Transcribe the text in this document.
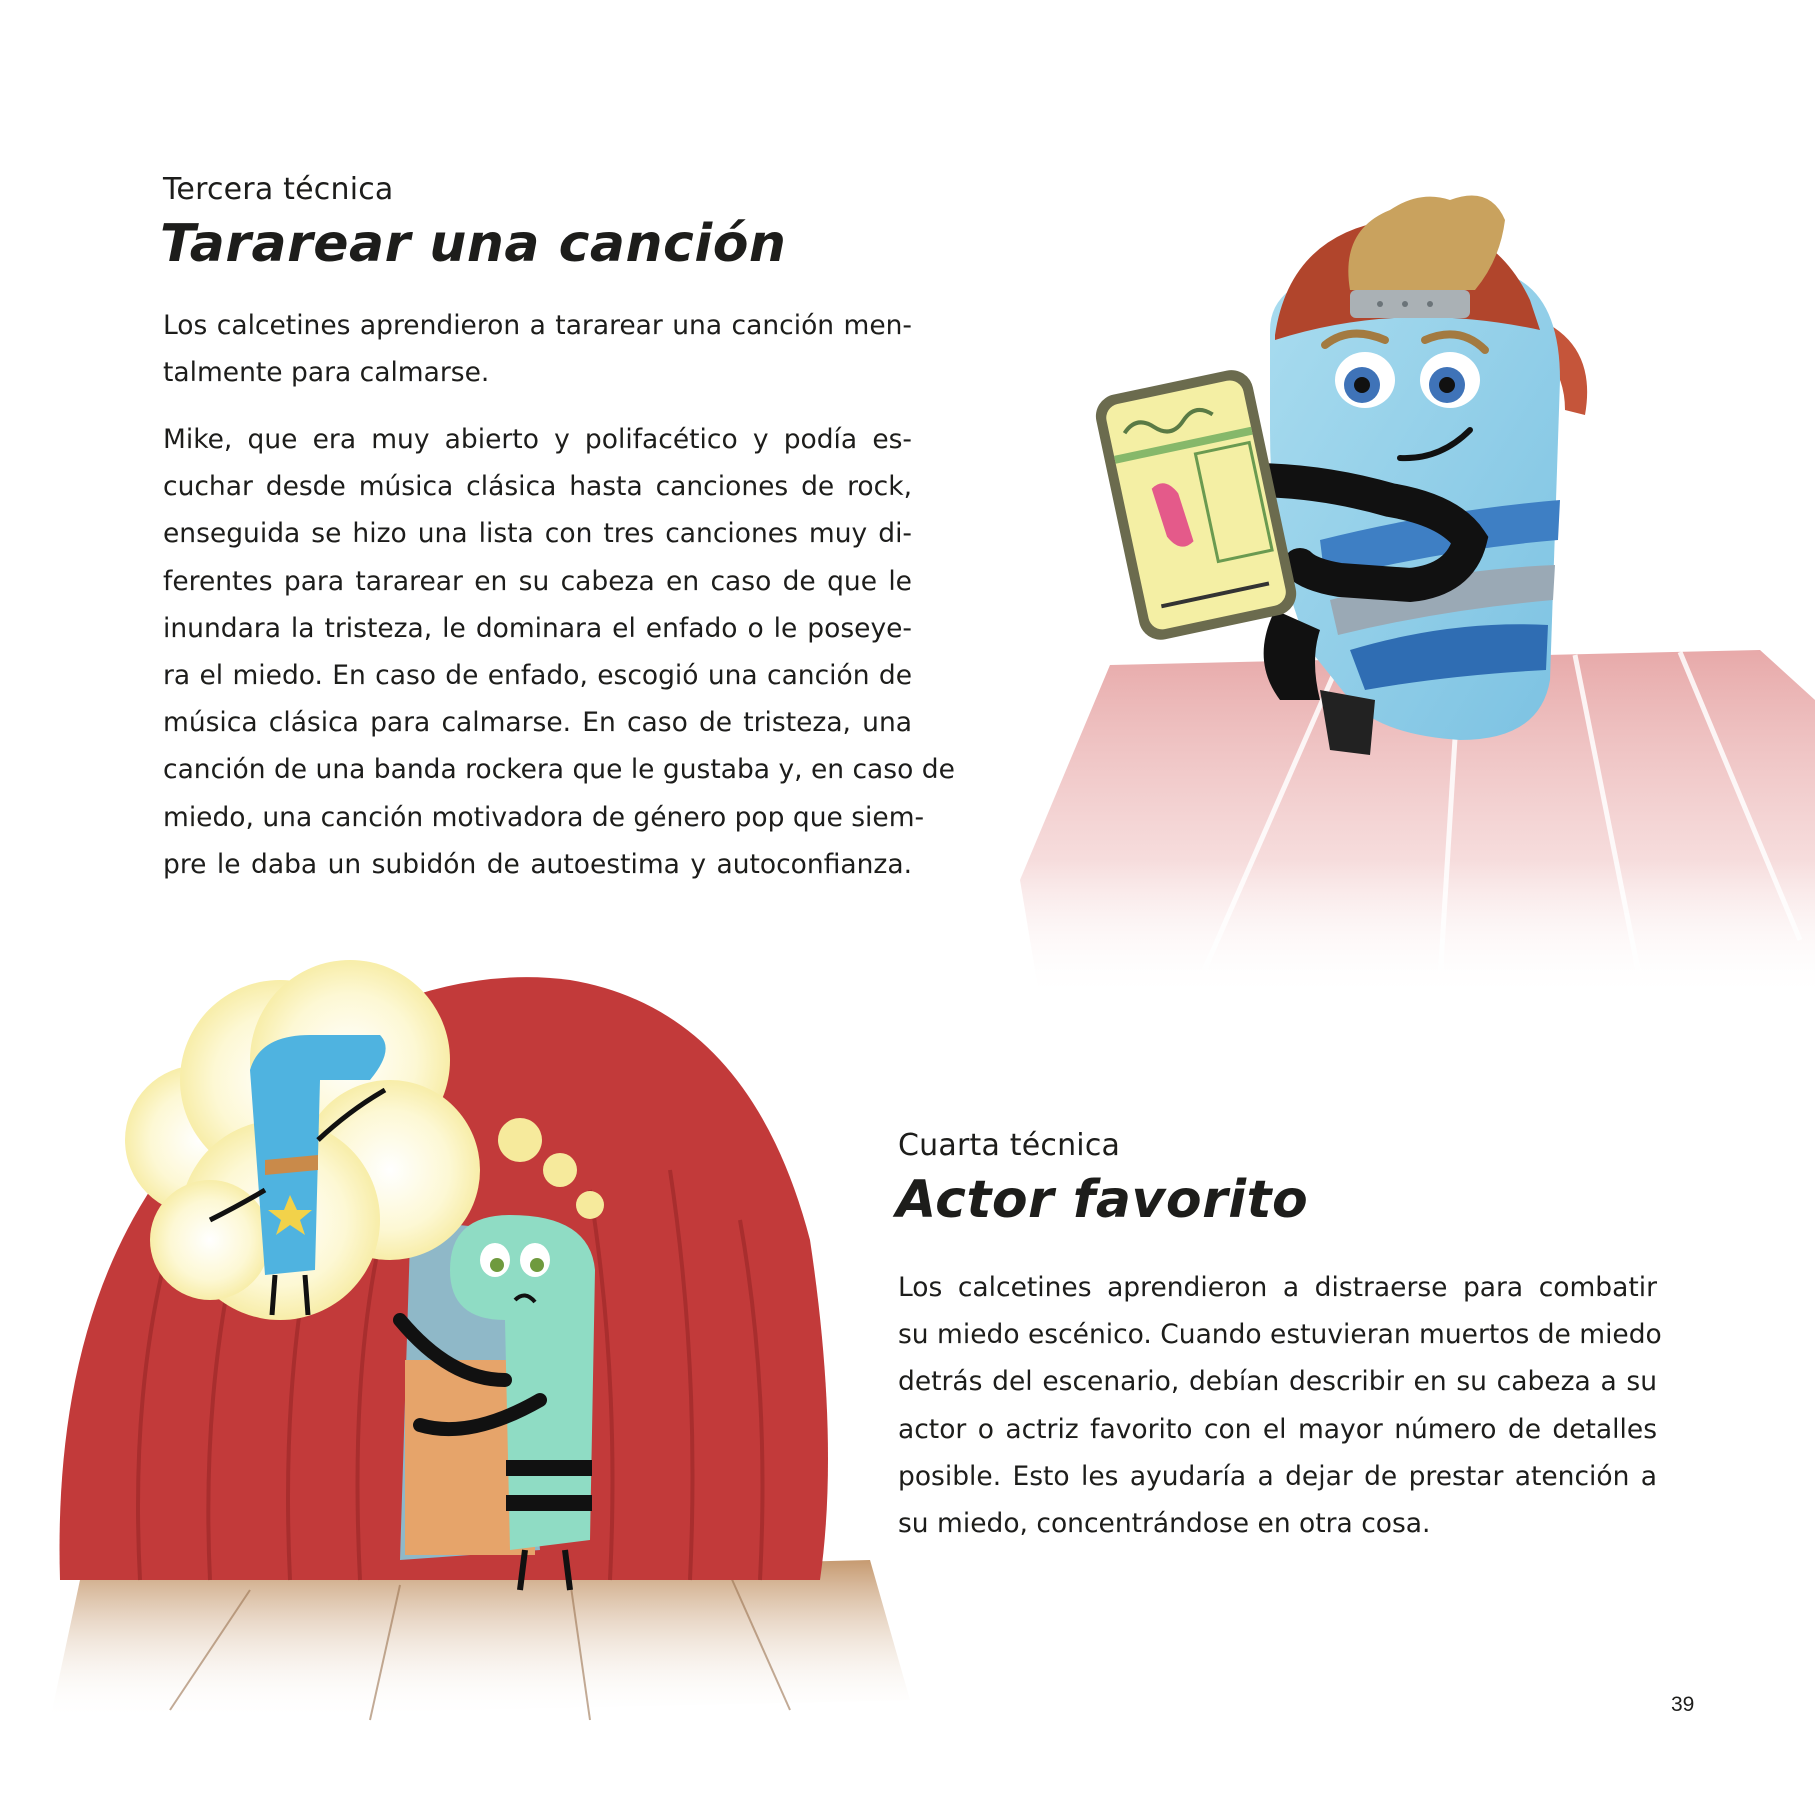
Tercera técnica
Tararear una canción
Los calcetines aprendieron a tararear una canción men-
talmente para calmarse.
Mike, que era muy abierto y polifacético y podía es-
cuchar desde música clásica hasta canciones de rock,
enseguida se hizo una lista con tres canciones muy di-
ferentes para tararear en su cabeza en caso de que le
inundara la tristeza, le dominara el enfado o le poseye-
ra el miedo. En caso de enfado, escogió una canción de
música clásica para calmarse. En caso de tristeza, una
canción de una banda rockera que le gustaba y, en caso de
miedo, una canción motivadora de género pop que siem-
pre le daba un subidón de autoestima y autoconfianza.
Cuarta técnica
Actor favorito
Los calcetines aprendieron a distraerse para combatir
su miedo escénico. Cuando estuvieran muertos de miedo
detrás del escenario, debían describir en su cabeza a su
actor o actriz favorito con el mayor número de detalles
posible. Esto les ayudaría a dejar de prestar atención a
su miedo, concentrándose en otra cosa.
39
